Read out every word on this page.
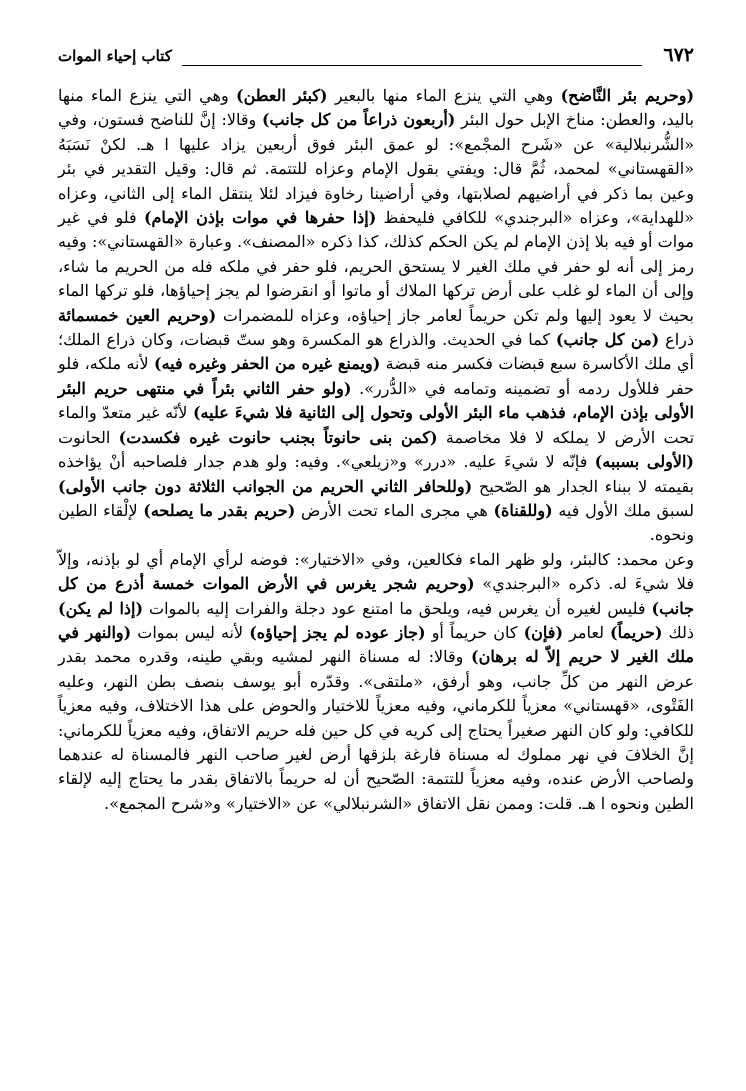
٦٧٢
كتاب إحياء الموات

(وحريم بئر النَّاضح) وهي التي ينزع الماء منها بالبعير (كبئر العطن) وهي التي ينزع الماء منها باليد، والعطن: مناخ الإبل حول البئر (أربعون ذراعاً من كل جانب) وقالا: إنَّ للناضح فستون، وفي «الشُّرنبلالية» عن «شَرح المجْمع»: لو عمق البئر فوق أربعين يزاد عليها ا هـ. لكنْ نَسَبَهُ «القهستاني» لمحمد، ثُمَّ قال: ويفتي بقول الإمام وعزاه للتتمة. ثم قال: وقيل التقدير في بئر وعين بما ذكر في أراضيهم لصلابتها، وفي أراضينا رخاوة فيزاد لئلا ينتقل الماء إلى الثاني، وعزاه «للهداية»، وعزاه «البرجندي» للكافي فليحفظ (إذا حفرها في موات بإذن الإمام) فلو في غير موات أو فيه بلا إذن الإمام لم يكن الحكم كذلك، كذا ذكره «المصنف». وعبارة «القهستاني»: وفيه رمز إلى أنه لو حفر في ملك الغير لا يستحق الحريم، فلو حفر في ملكه فله من الحريم ما شاء، وإلى أن الماء لو غلب على أرض تركها الملاك أو ماتوا أو انقرضوا لم يجز إحياؤها، فلو تركها الماء بحيث لا يعود إليها ولم تكن حريماً لعامر جاز إحياؤه، وعزاه للمضمرات (وحريم العين خمسمائة ذراع (من كل جانب) كما في الحديث. والذراع هو المكسرة وهو ستّ قبضات، وكان ذراع الملك؛ أي ملك الأكاسرة سبع قبضات فكسر منه قبضة (ويمنع غيره من الحفر وغيره فيه) لأنه ملكه، فلو حفر فللأول ردمه أو تضمينه وتمامه في «الدُّرر». (ولو حفر الثاني بئراً في منتهى حريم البئر الأولى بإذن الإمام، فذهب ماء البئر الأولى وتحول إلى الثانية فلا شيءَ عليه) لأنّه غير متعدّ والماء تحت الأرض لا يملكه لا فلا مخاصمة (كمن بنى حانوتاً بجنب حانوت غيره فكسدت) الحانوت (الأولى بسببه) فإنّه لا شيءَ عليه. «درر» و«زيلعي». وفيه: ولو هدم جدار فلصاحبه أنْ يؤاخذه بقيمته لا ببناء الجدار هو الصّحيح (وللحافر الثاني الحريم من الجوانب الثلاثة دون جانب الأولى) لسبق ملك الأول فيه (وللقناة) هي مجرى الماء تحت الأرض (حريم بقدر ما يصلحه) لإلْقاء الطين ونحوه.

وعن محمد: كالبئر، ولو ظهر الماء فكالعين، وفي «الاختيار»: فوضه لرأي الإمام أي لو بإذنه، وإلاّ فلا شيءَ له. ذكره «البرجندي» (وحريم شجر يغرس في الأرض الموات خمسة أذرع من كل جانب) فليس لغيره أن يغرس فيه، ويلحق ما امتنع عود دجلة والفرات إليه بالموات (إذا لم يكن) ذلك (حريماً) لعامر (فإن) كان حريماً أو (جاز عوده لم يجز إحياؤه) لأنه ليس بموات (والنهر في ملك الغير لا حريم إلاّ له برهان) وقالا: له مسناة النهر لمشيه وبقي طينه، وقدره محمد بقدر عرض النهر من كلِّ جانب، وهو أرفق، «ملتقى». وقدّره أبو يوسف بنصف بطن النهر، وعليه الفَتْوى، «قهستاني» معزياً للكرماني، وفيه معزياً للاختيار والحوض على هذا الاختلاف، وفيه معزياً للكافي: ولو كان النهر صغيراً يحتاج إلى كريه في كل حين فله حريم الاتفاق، وفيه معزياً للكرماني: إنَّ الخلافَ في نهر مملوك له مسناة فارغة بلزقها أرض لغير صاحب النهر فالمسناة له عندهما ولصاحب الأرض عنده، وفيه معزياً للتتمة: الصّحيح أن له حريماً بالاتفاق بقدر ما يحتاج إليه لإلقاء الطين ونحوه ا هـ. قلت: وممن نقل الاتفاق «الشرنبلالي» عن «الاختيار» و«شرح المجمع».
